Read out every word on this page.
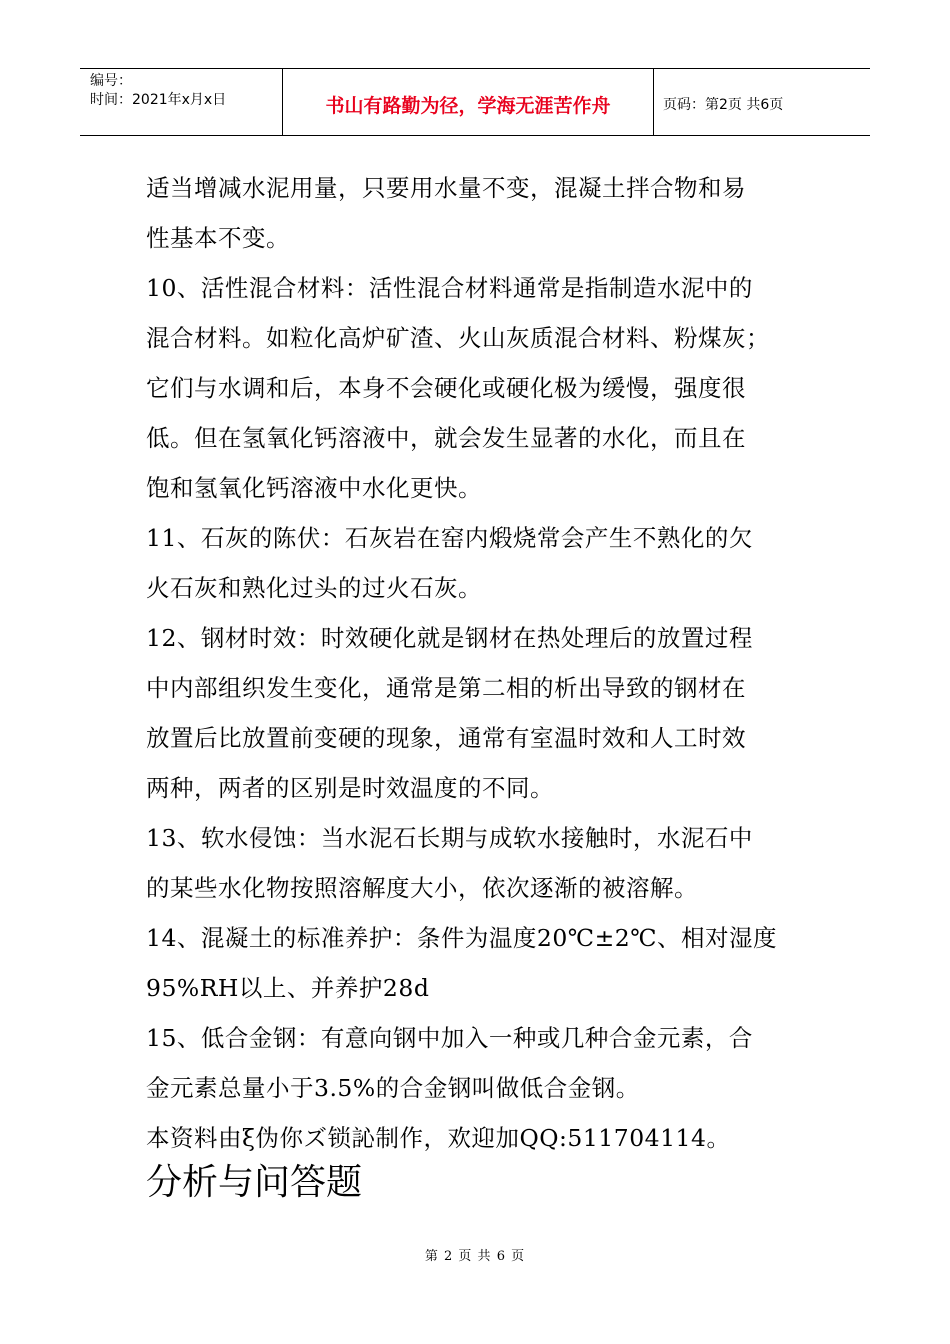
编号：
时间：2021年x月x日	书山有路勤为径，学海无涯苦作舟	页码：第2页 共6页
适当增减水泥用量，只要用水量不变，混凝土拌合物和易
性基本不变。
10、活性混合材料：活性混合材料通常是指制造水泥中的
混合材料。如粒化高炉矿渣、火山灰质混合材料、粉煤灰；
它们与水调和后，本身不会硬化或硬化极为缓慢，强度很
低。但在氢氧化钙溶液中，就会发生显著的水化，而且在
饱和氢氧化钙溶液中水化更快。
11、石灰的陈伏：石灰岩在窑内煅烧常会产生不熟化的欠
火石灰和熟化过头的过火石灰。
12、钢材时效：时效硬化就是钢材在热处理后的放置过程
中内部组织发生变化，通常是第二相的析出导致的钢材在
放置后比放置前变硬的现象，通常有室温时效和人工时效
两种，两者的区别是时效温度的不同。
13、软水侵蚀：当水泥石长期与成软水接触时，水泥石中
的某些水化物按照溶解度大小，依次逐渐的被溶解。
14、混凝土的标准养护：条件为温度20℃±2℃、相对湿度
95%RH以上、并养护28d
15、低合金钢：有意向钢中加入一种或几种合金元素，合
金元素总量小于3.5%的合金钢叫做低合金钢。
本资料由ξ伪你ズ锁訫制作，欢迎加QQ:511704114。
分析与问答题
第 2 页 共 6 页
